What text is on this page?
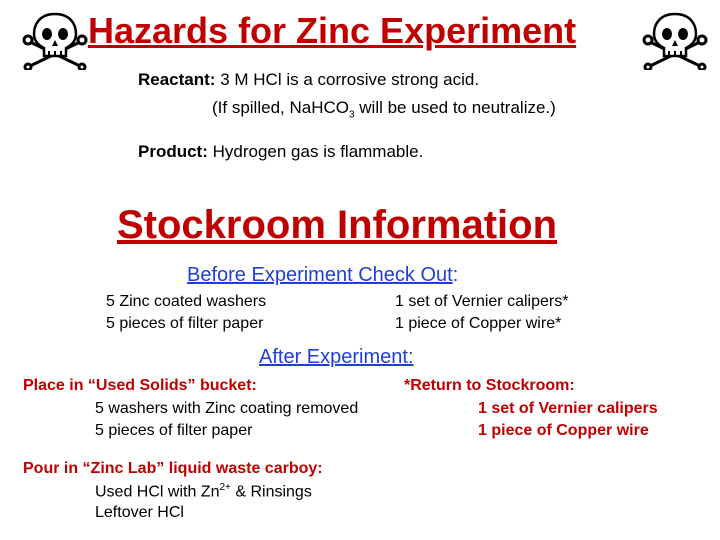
Hazards for Zinc Experiment
Reactant: 3 M HCl is a corrosive strong acid.
(If spilled, NaHCO$_3$ will be used to neutralize.)
Product: Hydrogen gas is flammable.
Stockroom Information
Before Experiment Check Out:
5 Zinc coated washers
5 pieces of filter paper
1 set of Vernier calipers*
1 piece of Copper wire*
After Experiment:
Place in “Used Solids” bucket:
5 washers with Zinc coating removed
5 pieces of filter paper
*Return to Stockroom:
1 set of Vernier calipers
1 piece of Copper wire
Pour in “Zinc Lab” liquid waste carboy:
Used HCl with $Zn^{2+}$ & Rinsings
Leftover HCl
